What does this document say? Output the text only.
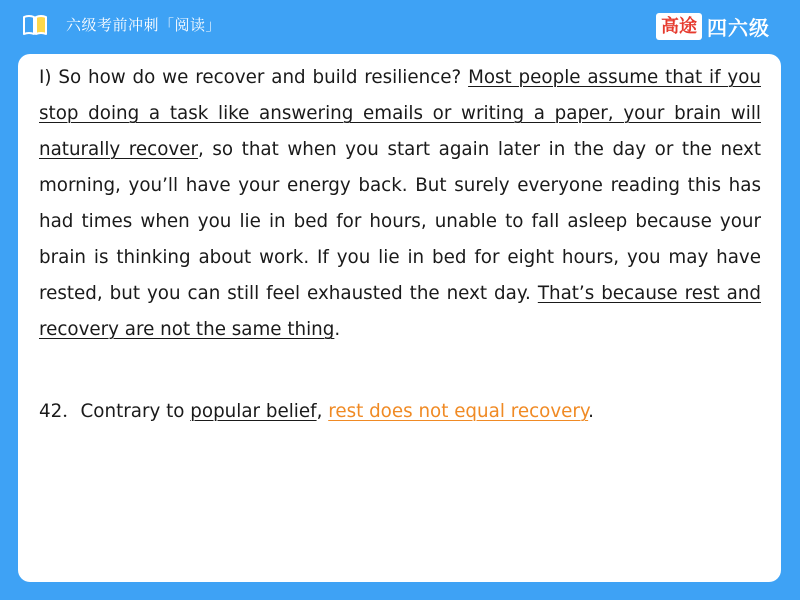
六级考前冲刺「阅读」	高途 四六级

I) So how do we recover and build resilience? Most people assume that if you stop doing a task like answering emails or writing a paper, your brain will naturally recover, so that when you start again later in the day or the next morning, you’ll have your energy back. But surely everyone reading this has had times when you lie in bed for hours, unable to fall asleep because your brain is thinking about work. If you lie in bed for eight hours, you may have rested, but you can still feel exhausted the next day. That’s because rest and recovery are not the same thing.

42．Contrary to popular belief, rest does not equal recovery.
